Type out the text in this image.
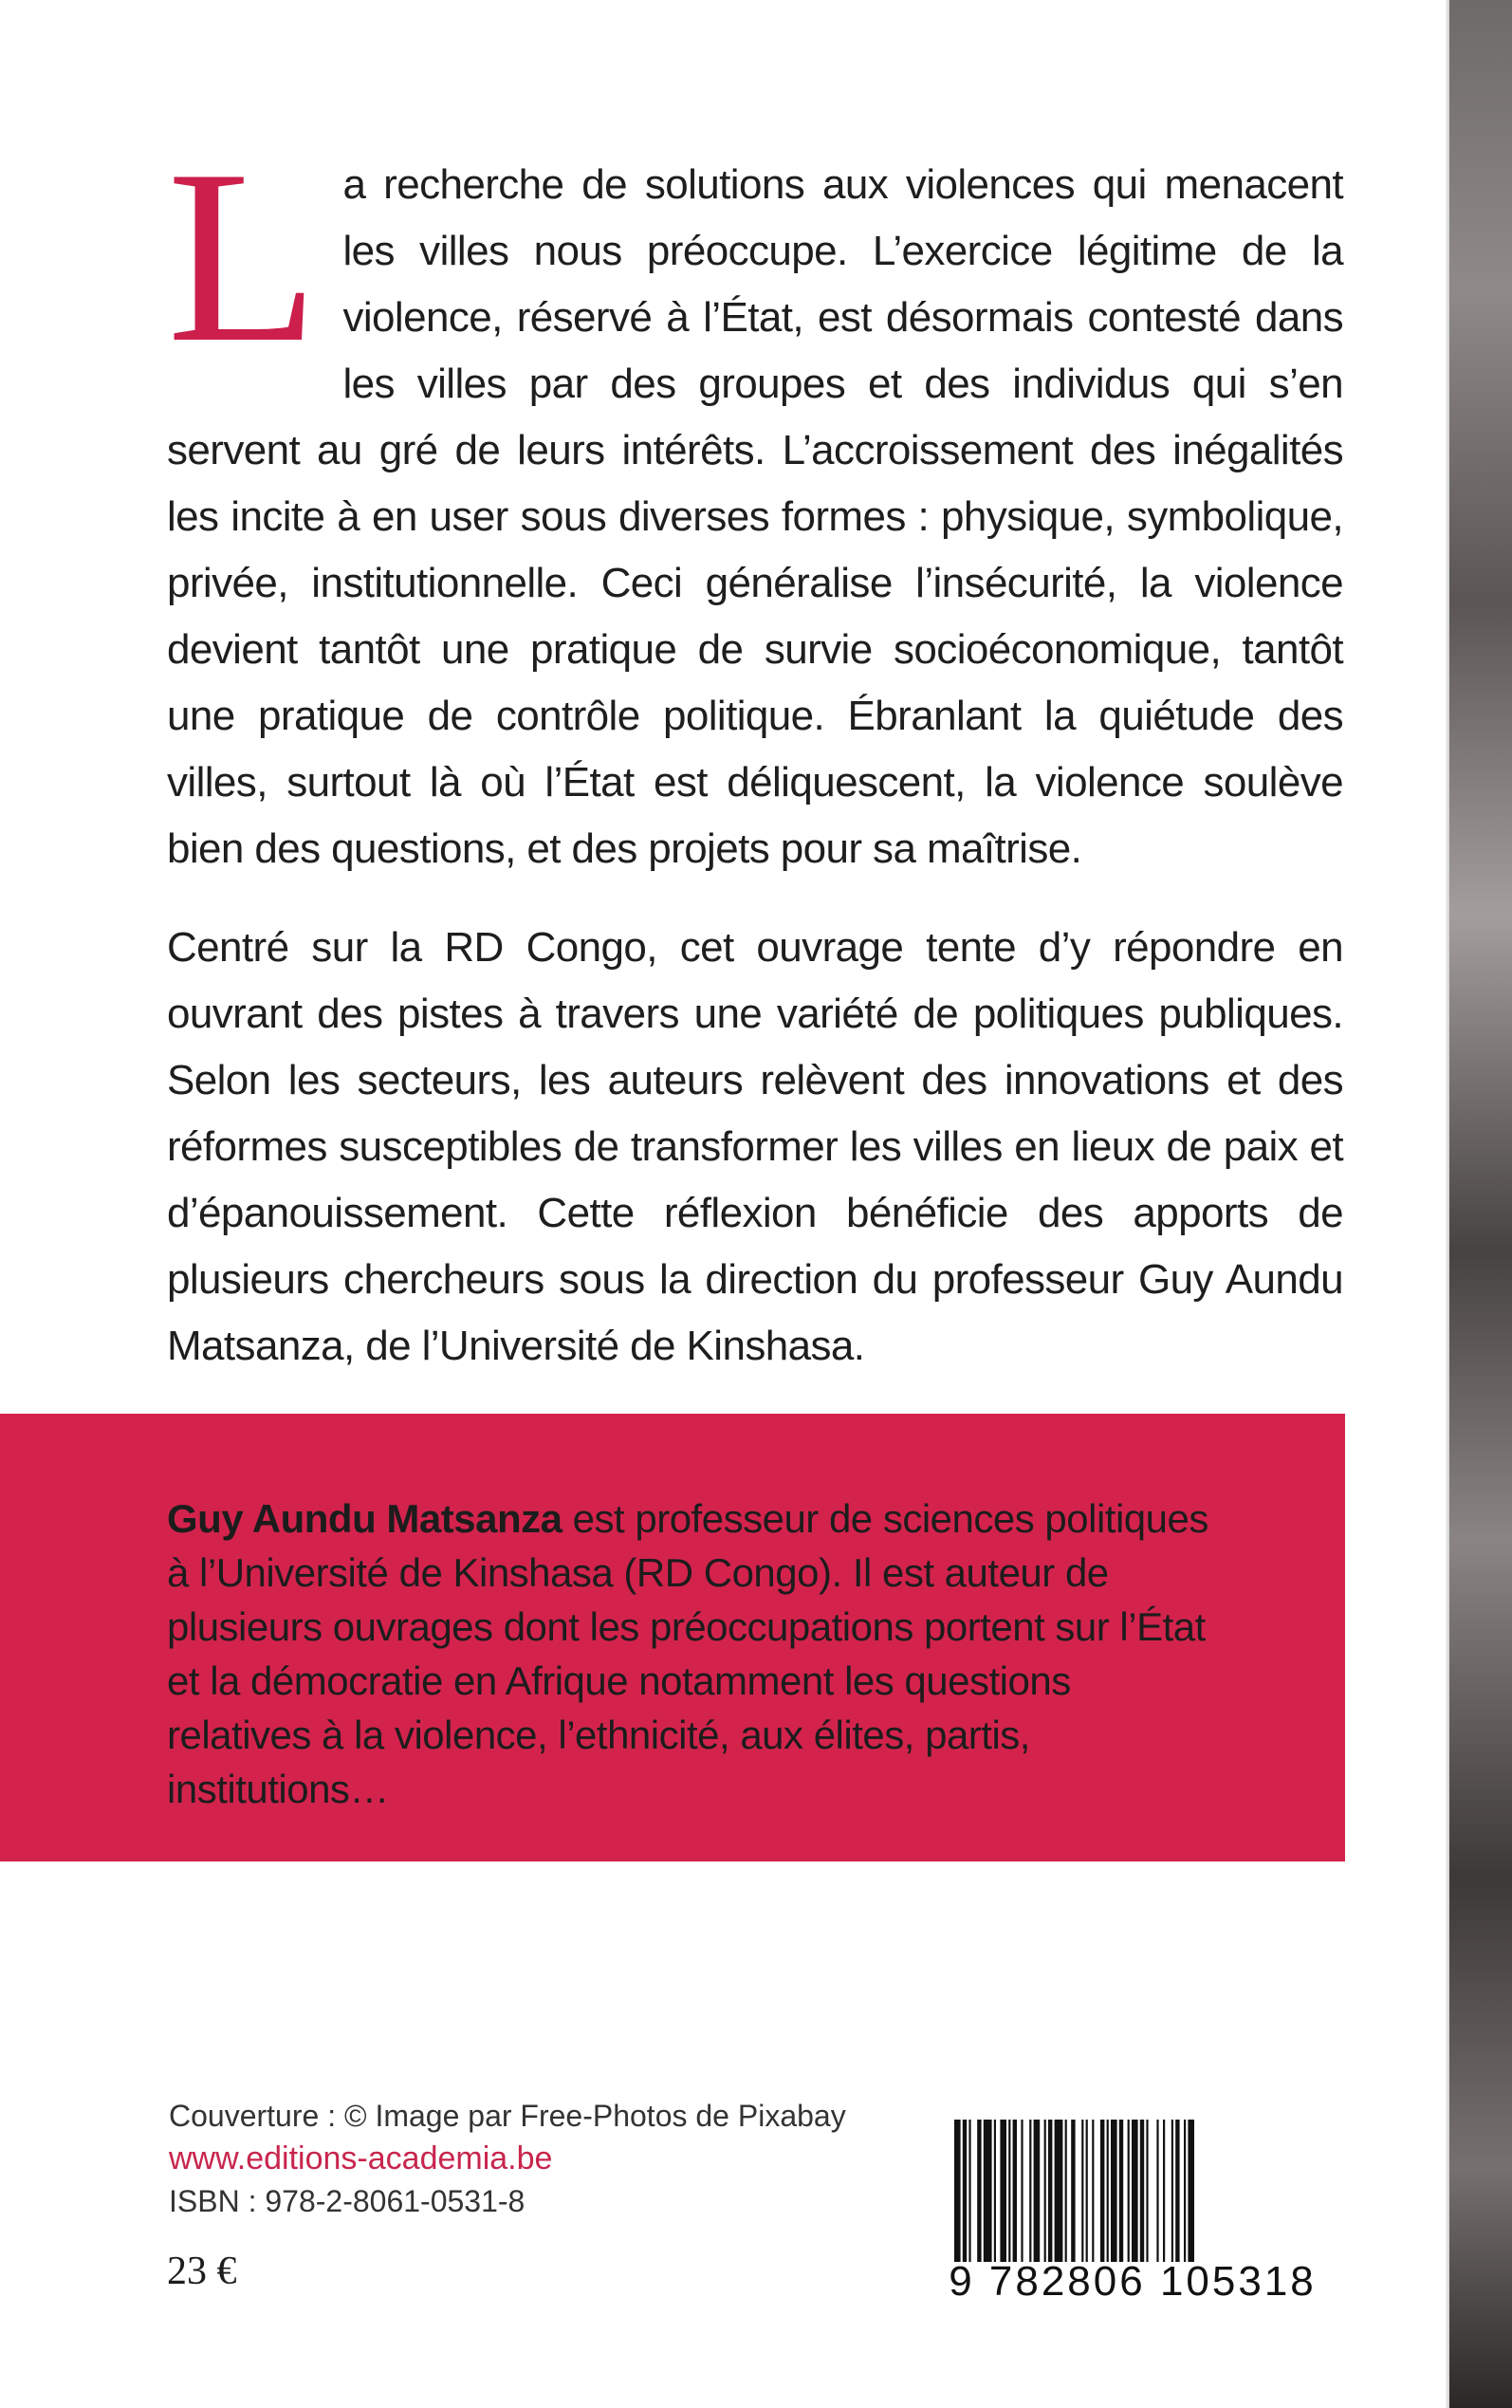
La recherche de solutions aux violences qui menacent les villes nous préoccupe. L’exercice légitime de la violence, réservé à l’État, est désormais contesté dans les villes par des groupes et des individus qui s’en servent au gré de leurs intérêts. L’accroissement des inégalités les incite à en user sous diverses formes : physique, symbolique, privée, institutionnelle. Ceci généralise l’insécurité, la violence devient tantôt une pratique de survie socioéconomique, tantôt une pratique de contrôle politique. Ébranlant la quiétude des villes, surtout là où l’État est déliquescent, la violence soulève bien des questions, et des projets pour sa maîtrise.

Centré sur la RD Congo, cet ouvrage tente d’y répondre en ouvrant des pistes à travers une variété de politiques publiques. Selon les secteurs, les auteurs relèvent des innovations et des réformes susceptibles de transformer les villes en lieux de paix et d’épanouissement. Cette réflexion bénéficie des apports de plusieurs chercheurs sous la direction du professeur Guy Aundu Matsanza, de l’Université de Kinshasa.

Guy Aundu Matsanza est professeur de sciences politiques à l’Université de Kinshasa (RD Congo). Il est auteur de plusieurs ouvrages dont les préoccupations portent sur l’État et la démocratie en Afrique notamment les questions relatives à la violence, l’ethnicité, aux élites, partis, institutions…
Couverture : © Image par Free-Photos de Pixabay
www.editions-academia.be
ISBN : 978-2-8061-0531-8
23 €	9 782806 105318
